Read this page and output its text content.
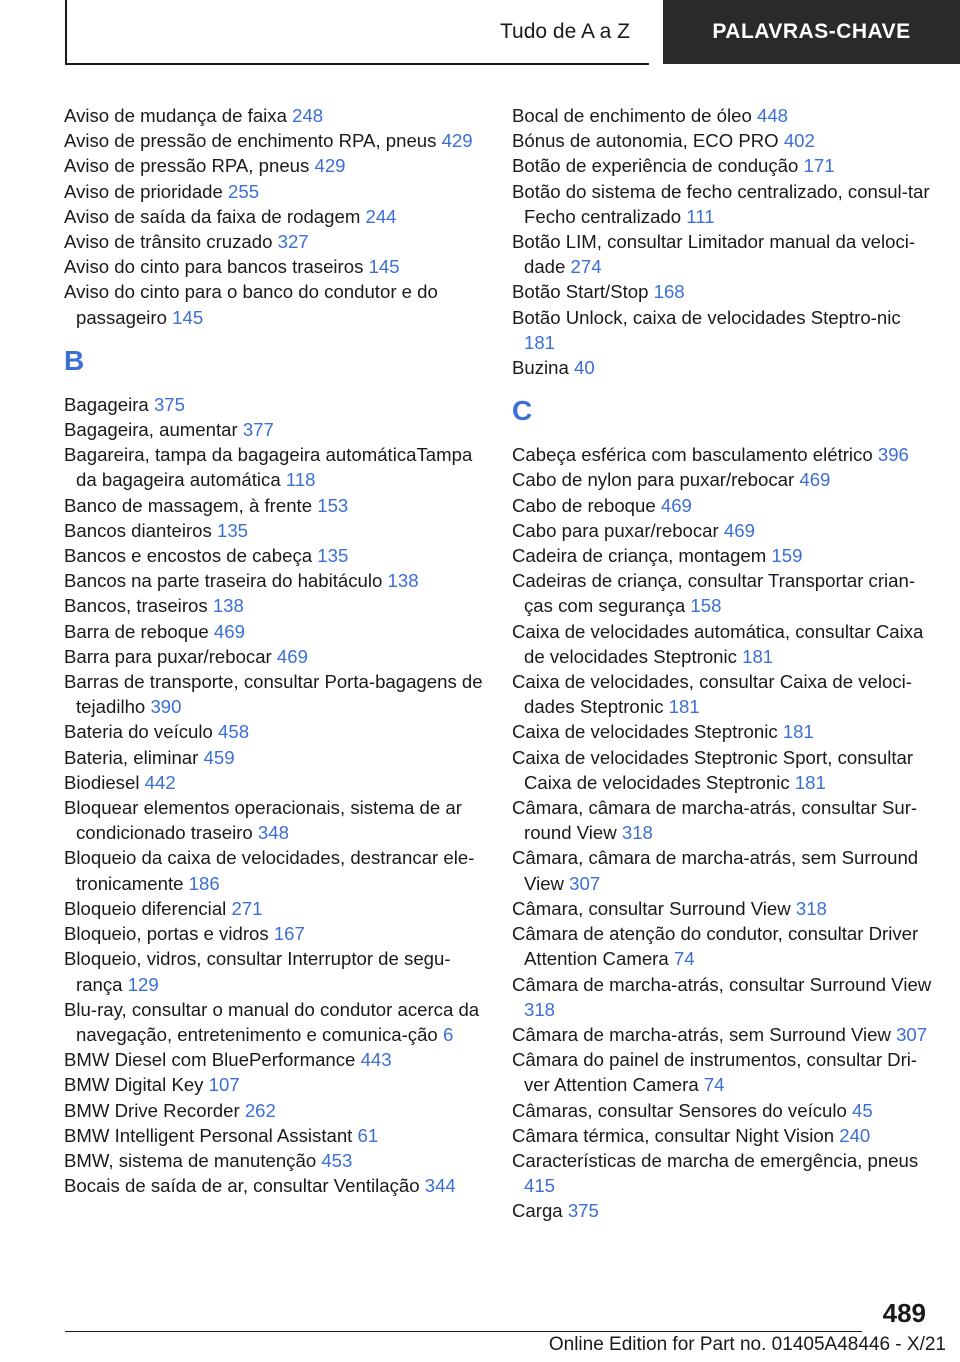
Tudo de A a Z	PALAVRAS-CHAVE
Aviso de mudança de faixa 248
Aviso de pressão de enchimento RPA, pneus 429
Aviso de pressão RPA, pneus 429
Aviso de prioridade 255
Aviso de saída da faixa de rodagem 244
Aviso de trânsito cruzado 327
Aviso do cinto para bancos traseiros 145
Aviso do cinto para o banco do condutor e do passageiro 145
B
Bagageira 375
Bagageira, aumentar 377
Bagareira, tampa da bagageira automáticaTampa da bagageira automática 118
Banco de massagem, à frente 153
Bancos dianteiros 135
Bancos e encostos de cabeça 135
Bancos na parte traseira do habitáculo 138
Bancos, traseiros 138
Barra de reboque 469
Barra para puxar/rebocar 469
Barras de transporte, consultar Porta-bagagens de tejadilho 390
Bateria do veículo 458
Bateria, eliminar 459
Biodiesel 442
Bloquear elementos operacionais, sistema de ar condicionado traseiro 348
Bloqueio da caixa de velocidades, destrancar ele-tronicamente 186
Bloqueio diferencial 271
Bloqueio, portas e vidros 167
Bloqueio, vidros, consultar Interruptor de segu-rança 129
Blu-ray, consultar o manual do condutor acerca da navegação, entretenimento e comunica-ção 6
BMW Diesel com BluePerformance 443
BMW Digital Key 107
BMW Drive Recorder 262
BMW Intelligent Personal Assistant 61
BMW, sistema de manutenção 453
Bocais de saída de ar, consultar Ventilação 344
Bocal de enchimento de óleo 448
Bónus de autonomia, ECO PRO 402
Botão de experiência de condução 171
Botão do sistema de fecho centralizado, consul-tar Fecho centralizado 111
Botão LIM, consultar Limitador manual da veloci-dade 274
Botão Start/Stop 168
Botão Unlock, caixa de velocidades Steptro-nic 181
Buzina 40
C
Cabeça esférica com basculamento elétrico 396
Cabo de nylon para puxar/rebocar 469
Cabo de reboque 469
Cabo para puxar/rebocar 469
Cadeira de criança, montagem 159
Cadeiras de criança, consultar Transportar crian-ças com segurança 158
Caixa de velocidades automática, consultar Caixa de velocidades Steptronic 181
Caixa de velocidades, consultar Caixa de veloci-dades Steptronic 181
Caixa de velocidades Steptronic 181
Caixa de velocidades Steptronic Sport, consultar Caixa de velocidades Steptronic 181
Câmara, câmara de marcha-atrás, consultar Sur-round View 318
Câmara, câmara de marcha-atrás, sem Surround View 307
Câmara, consultar Surround View 318
Câmara de atenção do condutor, consultar Driver Attention Camera 74
Câmara de marcha-atrás, consultar Surround View 318
Câmara de marcha-atrás, sem Surround View 307
Câmara do painel de instrumentos, consultar Dri-ver Attention Camera 74
Câmaras, consultar Sensores do veículo 45
Câmara térmica, consultar Night Vision 240
Características de marcha de emergência, pneus 415
Carga 375
489
Online Edition for Part no. 01405A48446 - X/21
